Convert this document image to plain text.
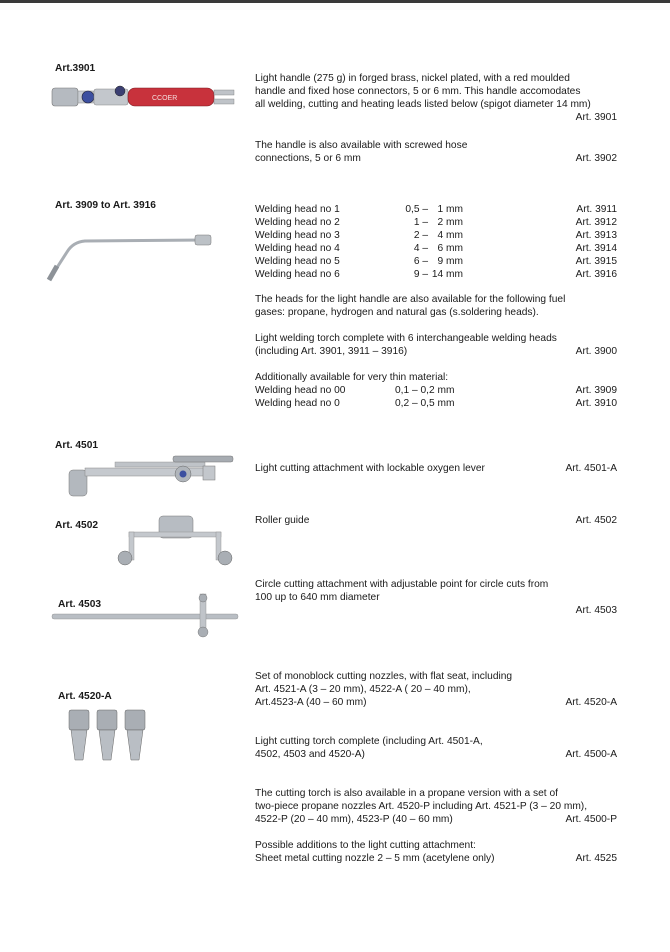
Art.3901
CCOER
Light handle (275 g) in forged brass, nickel plated, with a red moulded
handle and fixed hose connectors, 5 or 6 mm. This handle accomodates
all welding, cutting and heating leads listed below (spigot diameter 14 mm)
Art. 3901
The handle is also available with screwed hose
connections, 5 or 6 mm	Art. 3902
Art. 3909 to Art. 3916	Welding head no 1	0,5 – 1 mm	Art. 3911
Welding head no 2	1 – 2 mm	Art. 3912
Welding head no 3	2 – 4 mm	Art. 3913
Welding head no 4	4 – 6 mm	Art. 3914
Welding head no 5	6 – 9 mm	Art. 3915
Welding head no 6	9 – 14 mm	Art. 3916
The heads for the light handle are also available for the following fuel
gases: propane, hydrogen and natural gas (s.soldering heads).
Light welding torch complete with 6 interchangeable welding heads
(including Art. 3901, 3911 – 3916)	Art. 3900
Additionally available for very thin material:
Welding head no 00	0,1 – 0,2 mm	Art. 3909
Welding head no 0	0,2 – 0,5 mm	Art. 3910
Art. 4501
Light cutting attachment with lockable oxygen lever	Art. 4501-A
Art. 4502	Roller guide	Art. 4502
Art. 4503
Circle cutting attachment with adjustable point for circle cuts from
100 up to 640 mm diameter
Art. 4503
Art. 4520-A
Set of monoblock cutting nozzles, with flat seat, including
Art. 4521-A (3 – 20 mm), 4522-A ( 20 – 40 mm),
Art.4523-A (40 – 60 mm)	Art. 4520-A
Light cutting torch complete (including Art. 4501-A,
4502, 4503 and 4520-A)	Art. 4500-A
The cutting torch is also available in a propane version with a set of
two-piece propane nozzles Art. 4520-P including Art. 4521-P (3 – 20 mm),
4522-P (20 – 40 mm), 4523-P (40 – 60 mm)	Art. 4500-P
Possible additions to the light cutting attachment:
Sheet metal cutting nozzle 2 – 5 mm (acetylene only)	Art. 4525
